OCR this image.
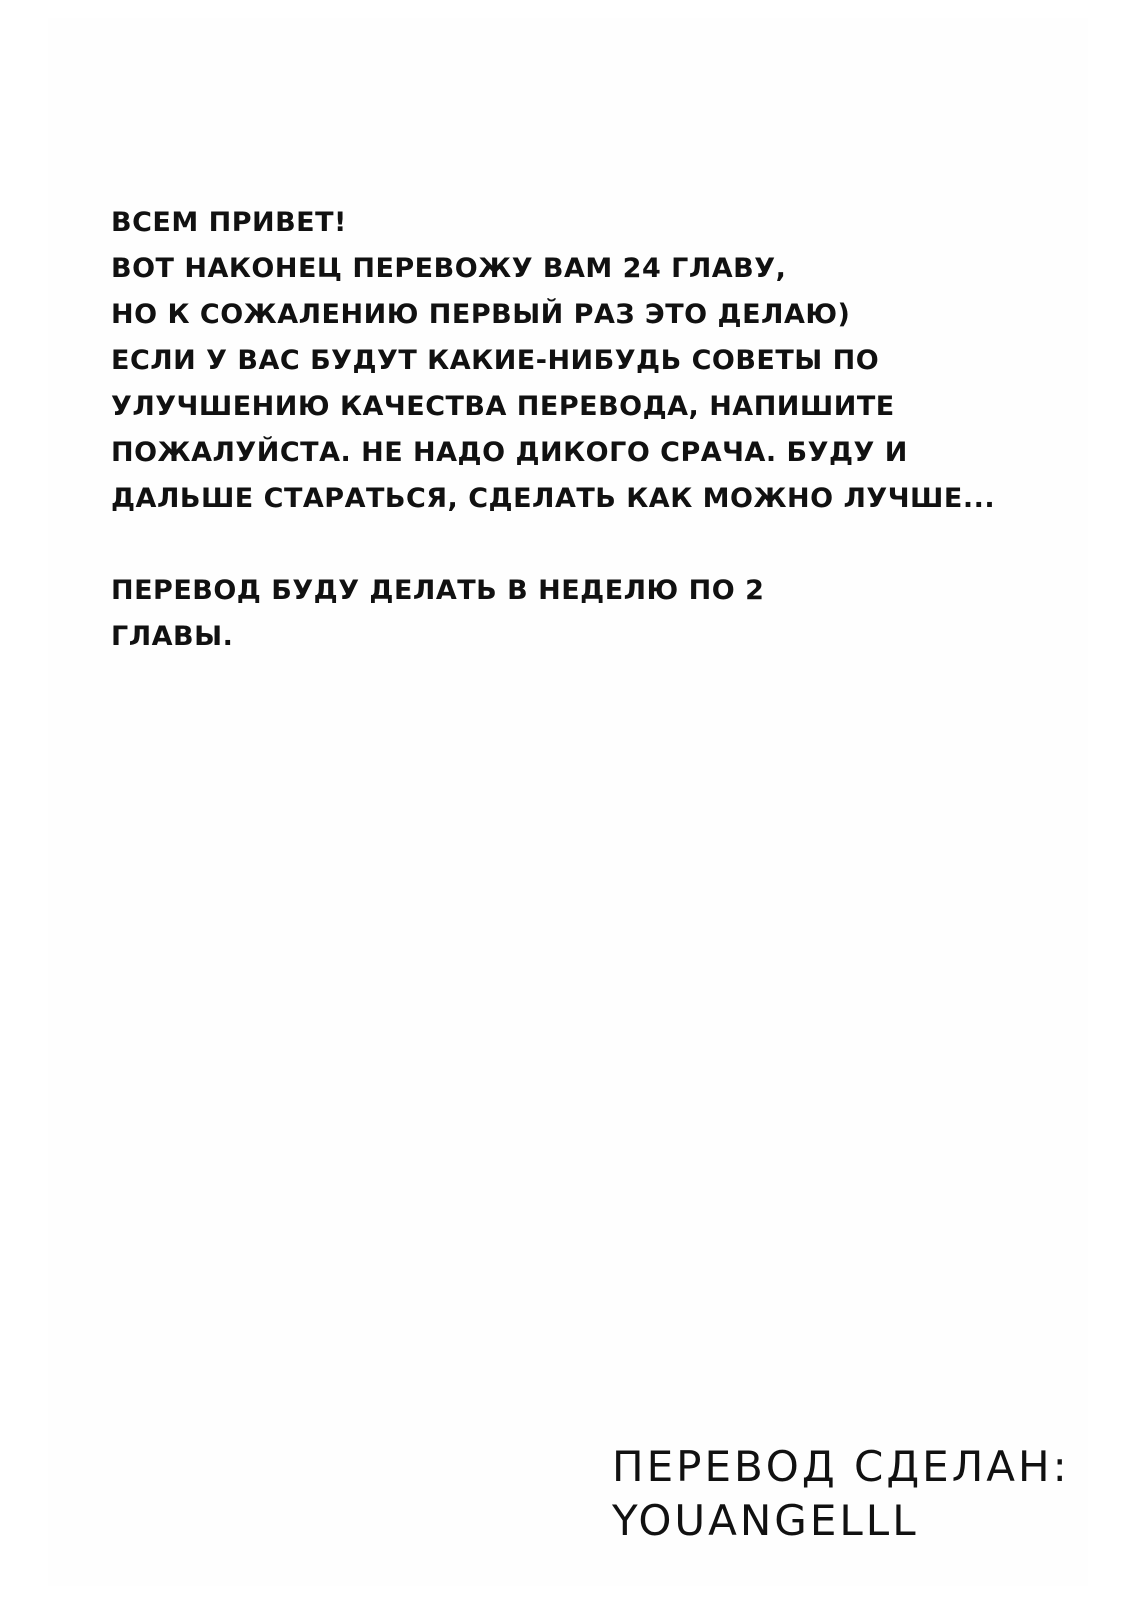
ВСЕМ ПРИВЕТ!
ВОТ НАКОНЕЦ ПЕРЕВОЖУ ВАМ 24 ГЛАВУ,
НО К СОЖАЛЕНИЮ ПЕРВЫЙ РАЗ ЭТО ДЕЛАЮ)
ЕСЛИ У ВАС БУДУТ КАКИЕ-НИБУДЬ СОВЕТЫ ПО
УЛУЧШЕНИЮ КАЧЕСТВА ПЕРЕВОДА, НАПИШИТЕ
ПОЖАЛУЙСТА. НЕ НАДО ДИКОГО СРАЧА. БУДУ И
ДАЛЬШЕ СТАРАТЬСЯ, СДЕЛАТЬ КАК МОЖНО ЛУЧШЕ...
ПЕРЕВОД БУДУ ДЕЛАТЬ В НЕДЕЛЮ ПО 2
ГЛАВЫ.
ПЕРЕВОД СДЕЛАН:
YOUANGELLL
